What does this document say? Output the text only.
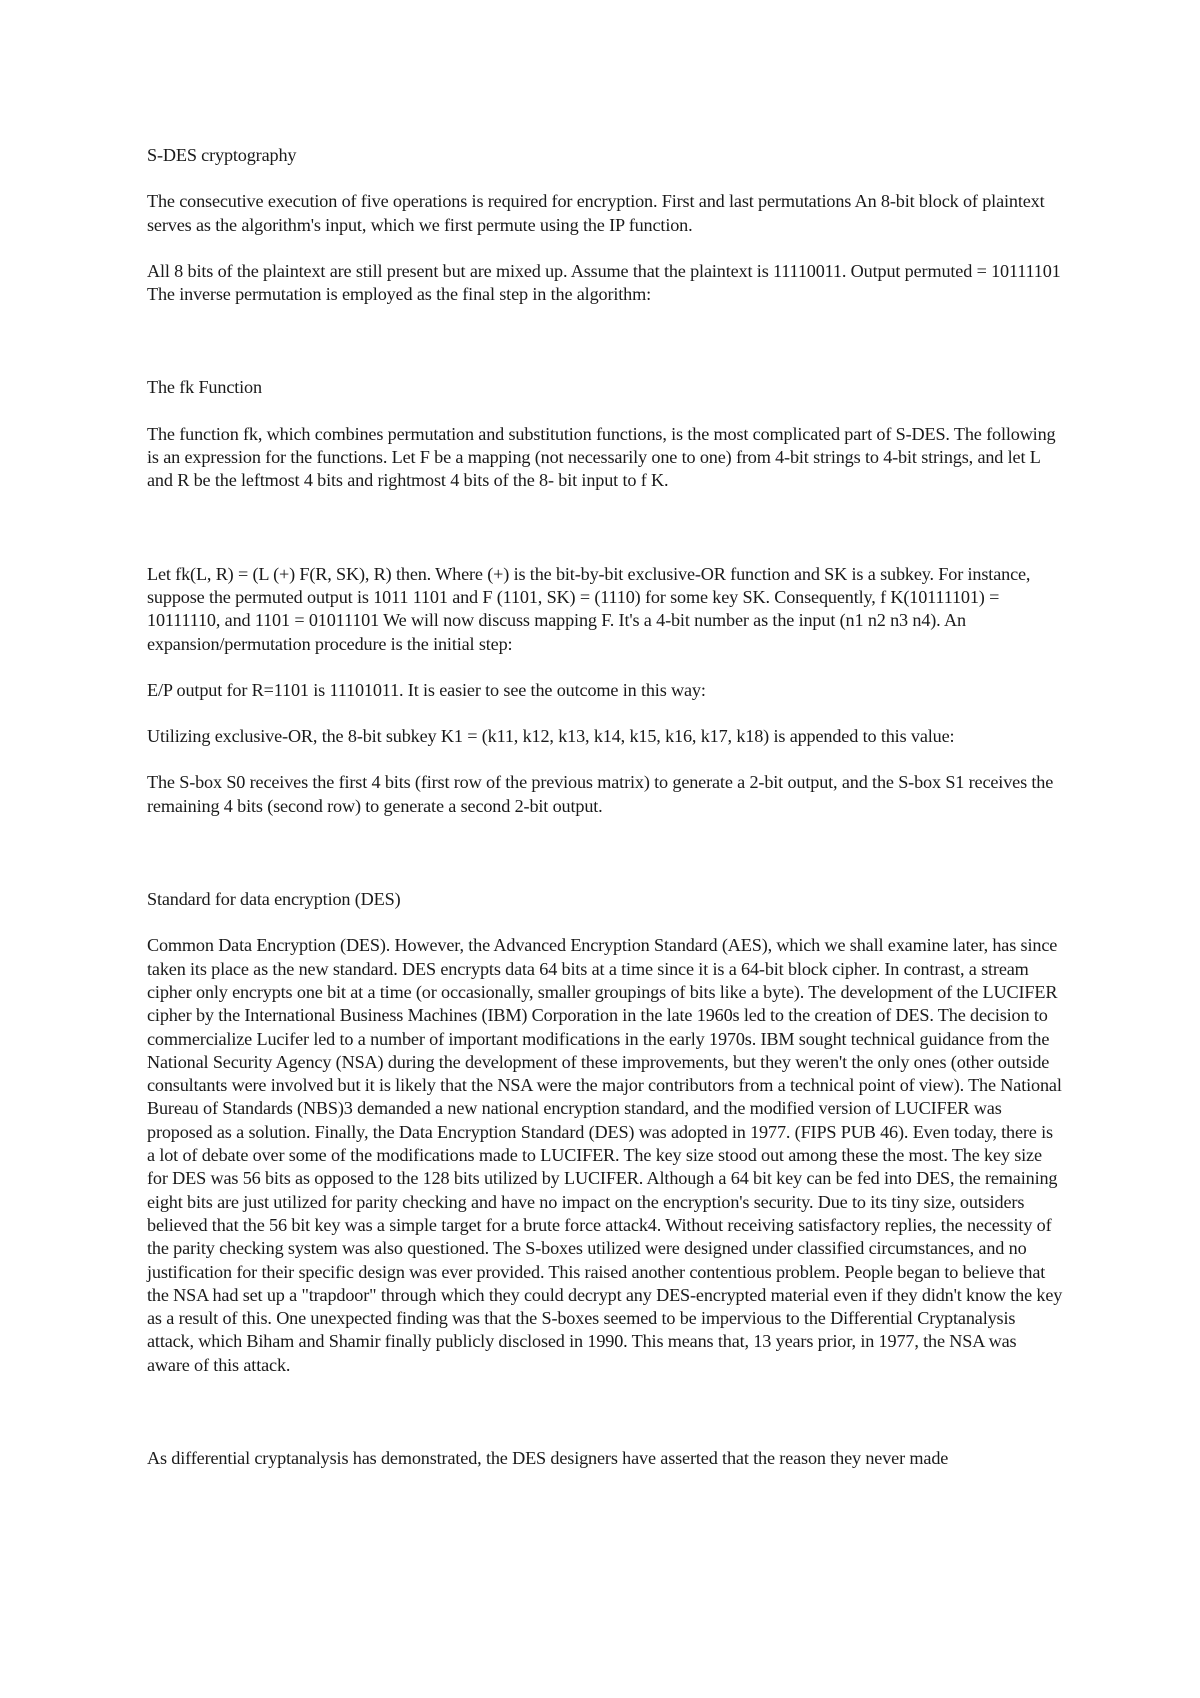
S-DES cryptography

The consecutive execution of five operations is required for encryption. First and last permutations An 8-bit block of plaintext serves as the algorithm's input, which we first permute using the IP function.

All 8 bits of the plaintext are still present but are mixed up. Assume that the plaintext is 11110011. Output permuted = 10111101 The inverse permutation is employed as the final step in the algorithm:

The fk Function

The function fk, which combines permutation and substitution functions, is the most complicated part of S-DES. The following is an expression for the functions. Let F be a mapping (not necessarily one to one) from 4-bit strings to 4-bit strings, and let L and R be the leftmost 4 bits and rightmost 4 bits of the 8- bit input to f K.

Let fk(L, R) = (L (+) F(R, SK), R) then. Where (+) is the bit-by-bit exclusive-OR function and SK is a subkey. For instance, suppose the permuted output is 1011 1101 and F (1101, SK) = (1110) for some key SK. Consequently, f K(10111101) = 10111110, and 1101 = 01011101 We will now discuss mapping F. It's a 4-bit number as the input (n1 n2 n3 n4). An expansion/permutation procedure is the initial step:

E/P output for R=1101 is 11101011. It is easier to see the outcome in this way:

Utilizing exclusive-OR, the 8-bit subkey K1 = (k11, k12, k13, k14, k15, k16, k17, k18) is appended to this value:

The S-box S0 receives the first 4 bits (first row of the previous matrix) to generate a 2-bit output, and the S-box S1 receives the remaining 4 bits (second row) to generate a second 2-bit output.

Standard for data encryption (DES)

Common Data Encryption (DES). However, the Advanced Encryption Standard (AES), which we shall examine later, has since taken its place as the new standard. DES encrypts data 64 bits at a time since it is a 64-bit block cipher. In contrast, a stream cipher only encrypts one bit at a time (or occasionally, smaller groupings of bits like a byte). The development of the LUCIFER cipher by the International Business Machines (IBM) Corporation in the late 1960s led to the creation of DES. The decision to commercialize Lucifer led to a number of important modifications in the early 1970s. IBM sought technical guidance from the National Security Agency (NSA) during the development of these improvements, but they weren't the only ones (other outside consultants were involved but it is likely that the NSA were the major contributors from a technical point of view). The National Bureau of Standards (NBS)3 demanded a new national encryption standard, and the modified version of LUCIFER was proposed as a solution. Finally, the Data Encryption Standard (DES) was adopted in 1977. (FIPS PUB 46). Even today, there is a lot of debate over some of the modifications made to LUCIFER. The key size stood out among these the most. The key size for DES was 56 bits as opposed to the 128 bits utilized by LUCIFER. Although a 64 bit key can be fed into DES, the remaining eight bits are just utilized for parity checking and have no impact on the encryption's security. Due to its tiny size, outsiders believed that the 56 bit key was a simple target for a brute force attack4. Without receiving satisfactory replies, the necessity of the parity checking system was also questioned. The S-boxes utilized were designed under classified circumstances, and no justification for their specific design was ever provided. This raised another contentious problem. People began to believe that the NSA had set up a "trapdoor" through which they could decrypt any DES-encrypted material even if they didn't know the key as a result of this. One unexpected finding was that the S-boxes seemed to be impervious to the Differential Cryptanalysis attack, which Biham and Shamir finally publicly disclosed in 1990. This means that, 13 years prior, in 1977, the NSA was aware of this attack.

As differential cryptanalysis has demonstrated, the DES designers have asserted that the reason they never made
